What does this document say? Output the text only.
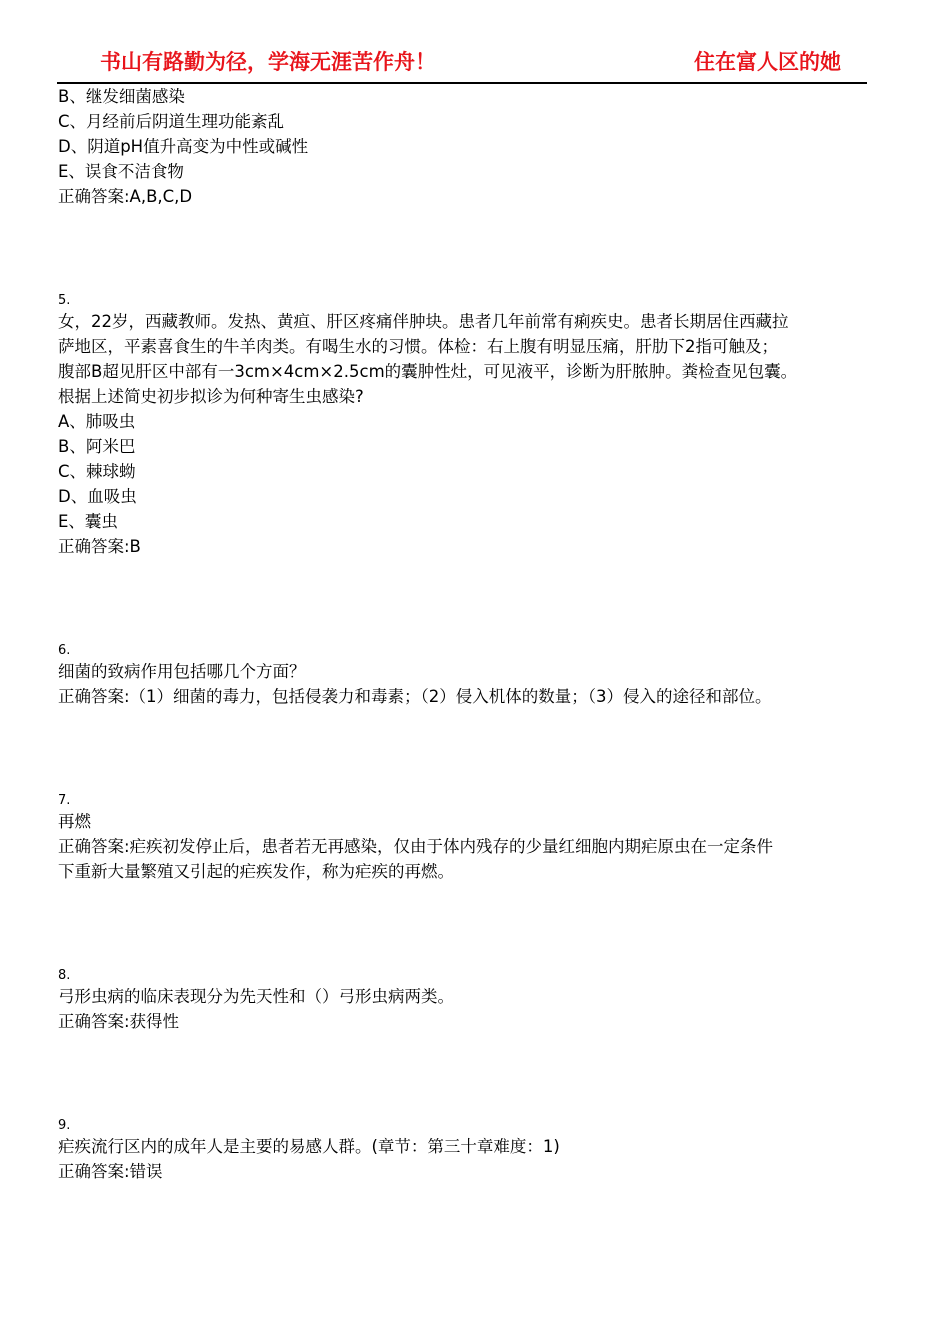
书山有路勤为径，学海无涯苦作舟！	住在富人区的她
B、继发细菌感染
C、月经前后阴道生理功能紊乱
D、阴道pH值升高变为中性或碱性
E、误食不洁食物
正确答案:A,B,C,D
5.
女，22岁，西藏教师。发热、黄疸、肝区疼痛伴肿块。患者几年前常有痢疾史。患者长期居住西藏拉
萨地区，平素喜食生的牛羊肉类。有喝生水的习惯。体检：右上腹有明显压痛，肝肋下2指可触及；
腹部B超见肝区中部有一3cm×4cm×2.5cm的囊肿性灶，可见液平，诊断为肝脓肿。粪检查见包囊。
根据上述简史初步拟诊为何种寄生虫感染?
A、肺吸虫
B、阿米巴
C、棘球蚴
D、血吸虫
E、囊虫
正确答案:B
6.
细菌的致病作用包括哪几个方面？
正确答案:（1）细菌的毒力，包括侵袭力和毒素；（2）侵入机体的数量；（3）侵入的途径和部位。
7.
再燃
正确答案:疟疾初发停止后，患者若无再感染，仅由于体内残存的少量红细胞内期疟原虫在一定条件
下重新大量繁殖又引起的疟疾发作，称为疟疾的再燃。
8.
弓形虫病的临床表现分为先天性和（）弓形虫病两类。
正确答案:获得性
9.
疟疾流行区内的成年人是主要的易感人群。(章节：第三十章难度：1)
正确答案:错误
